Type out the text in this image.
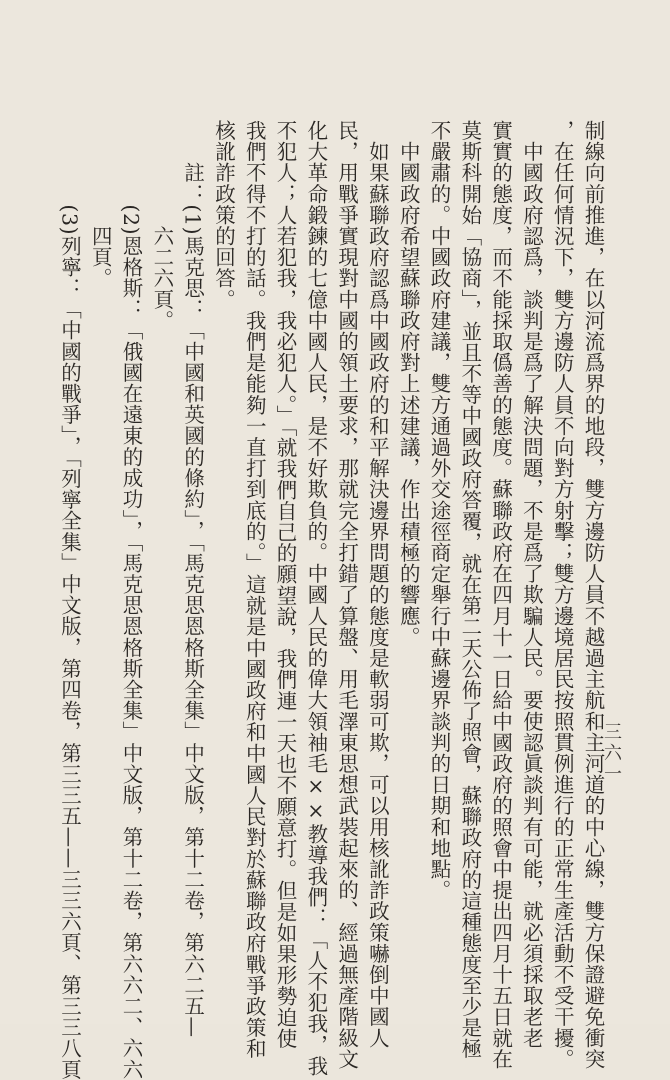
制線向前推進，在以河流爲界的地段，雙方邊防人員不越過主航和主河道的中心線，雙方保證避免衝突
，在任何情況下，雙方邊防人員不向對方射擊；雙方邊境居民按照貫例進行的正常生產活動不受干擾。
　中國政府認爲，談判是爲了解決問題，不是爲了欺騙人民。要使認眞談判有可能，就必須採取老老
實實的態度，而不能採取僞善的態度。蘇聯政府在四月十一日給中國政府的照會中提出四月十五日就在
莫斯科開始「協商」，並且不等中國政府答覆，就在第二天公佈了照會，蘇聯政府的這種態度至少是極
不嚴肅的。中國政府建議，雙方通過外交途徑商定舉行中蘇邊界談判的日期和地點。
　中國政府希望蘇聯政府對上述建議，作出積極的響應。
　如果蘇聯政府認爲中國政府的和平解決邊界問題的態度是軟弱可欺，可以用核訛詐政策嚇倒中國人
民，用戰爭實現對中國的領土要求，那就完全打錯了算盤、用毛澤東思想武裝起來的、經過無產階級文
化大革命鍛鍊的七億中國人民，是不好欺負的。中國人民的偉大領袖毛××教導我們：「人不犯我，我
不犯人；人若犯我，我必犯人。」「就我們自己的願望說，我們連一天也不願意打。但是如果形勢迫使
我們不得不打的話。我們是能夠一直打到底的。」這就是中國政府和中國人民對於蘇聯政府戰爭政策和
核訛詐政策的回答。
　　註：(1)馬克思：「中國和英國的條約」，「馬克思恩格斯全集」中文版，第十二卷，第六二五—
　　　　　六二六頁。
　　　　(2)恩格斯：「俄國在遠東的成功」，「馬克思恩格斯全集」中文版，第十二卷，第六六二、六六
　　　　　四頁。
　　　　(3)列寧：「中國的戰爭」，「列寧全集」中文版，第四卷，第三三五——三三六頁、第三三八頁	三六一
